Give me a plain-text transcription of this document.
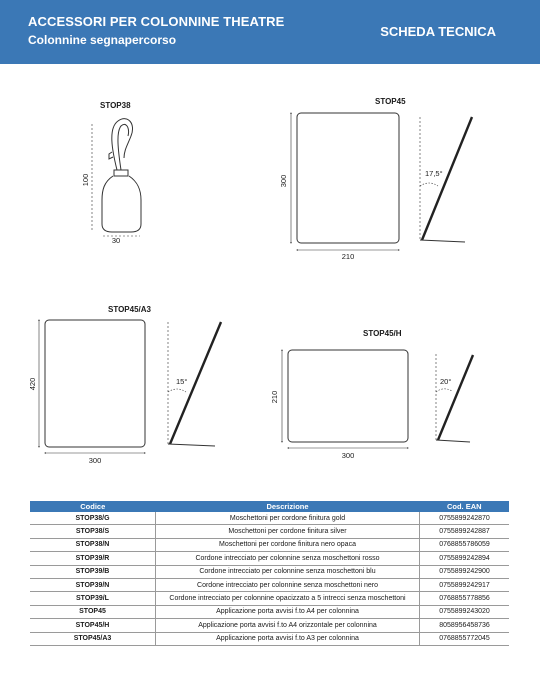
ACCESSORI PER COLONNINE THEATRE
Colonnine segnapercorso
SCHEDA TECNICA
STOP38
100
30
STOP45
300
210
17,5°
STOP45/A3
420
300
15°
STOP45/H
210
300
20°
Codice	Descrizione	Cod. EAN
STOP38/G	Moschettoni per cordone finitura gold	0755899242870
STOP38/S	Moschettoni per cordone finitura silver	0755899242887
STOP38/N	Moschettoni per cordone finitura nero opaca	0768855786059
STOP39/R	Cordone intrecciato per colonnine senza moschettoni rosso	0755899242894
STOP39/B	Cordone intrecciato per colonnine senza moschettoni blu	0755899242900
STOP39/N	Cordone intrecciato per colonnine senza moschettoni nero	0755899242917
STOP39/L	Cordone intrecciato per colonnine opacizzato a 5 intrecci senza moschettoni	0768855778856
STOP45	Applicazione porta avvisi f.to A4 per colonnina	0755899243020
STOP45/H	Applicazione porta avvisi f.to A4 orizzontale per colonnina	8058956458736
STOP45/A3	Applicazione porta avvisi f.to A3 per colonnina	0768855772045
